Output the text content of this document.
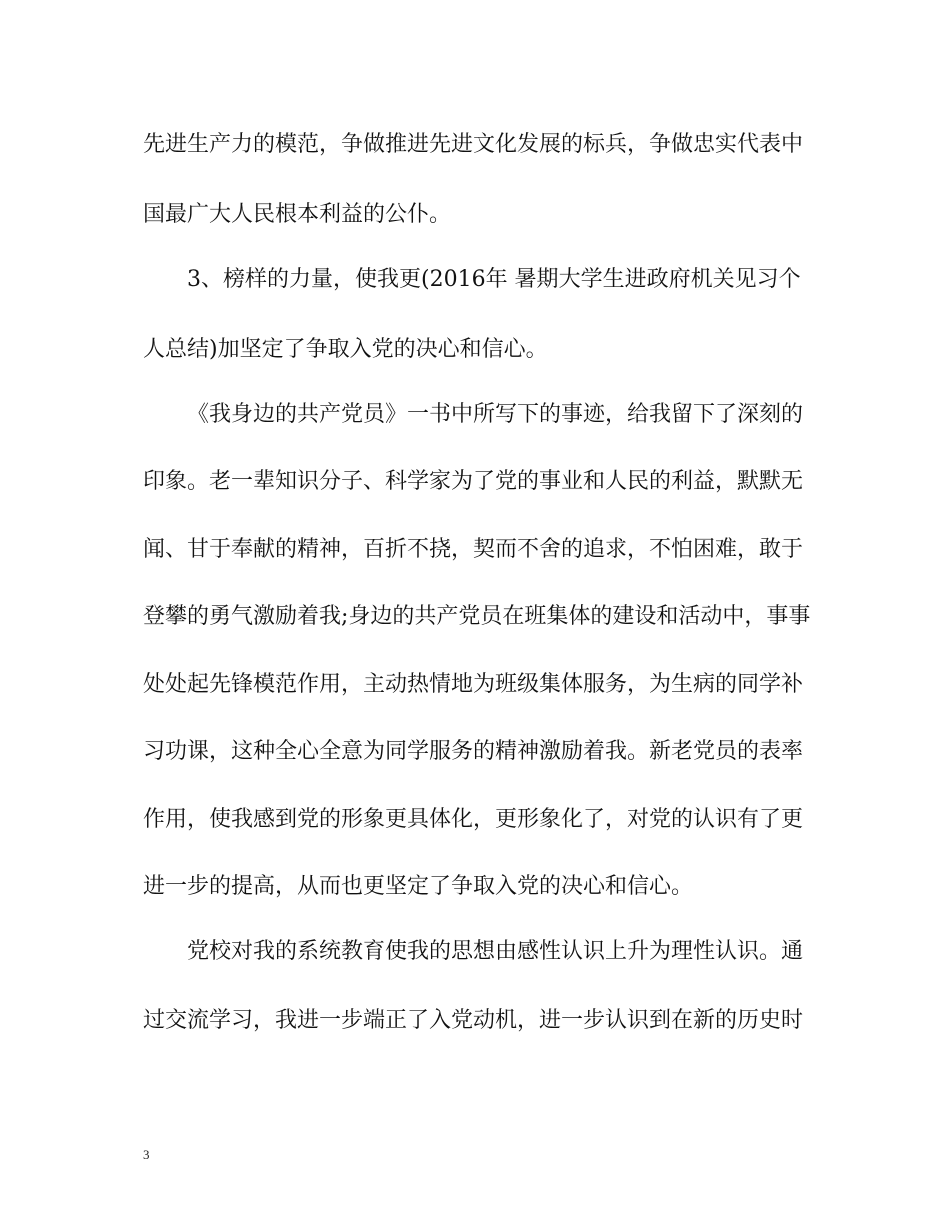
先进生产力的模范，争做推进先进文化发展的标兵，争做忠实代表中
国最广大人民根本利益的公仆。
3、榜样的力量，使我更(2016年 暑期大学生进政府机关见习个
人总结)加坚定了争取入党的决心和信心。
《我身边的共产党员》一书中所写下的事迹，给我留下了深刻的
印象。老一辈知识分子、科学家为了党的事业和人民的利益，默默无
闻、甘于奉献的精神，百折不挠，契而不舍的追求，不怕困难，敢于
登攀的勇气激励着我;身边的共产党员在班集体的建设和活动中，事事
处处起先锋模范作用，主动热情地为班级集体服务，为生病的同学补
习功课，这种全心全意为同学服务的精神激励着我。新老党员的表率
作用，使我感到党的形象更具体化，更形象化了，对党的认识有了更
进一步的提高，从而也更坚定了争取入党的决心和信心。
党校对我的系统教育使我的思想由感性认识上升为理性认识。通
过交流学习，我进一步端正了入党动机，进一步认识到在新的历史时
3
